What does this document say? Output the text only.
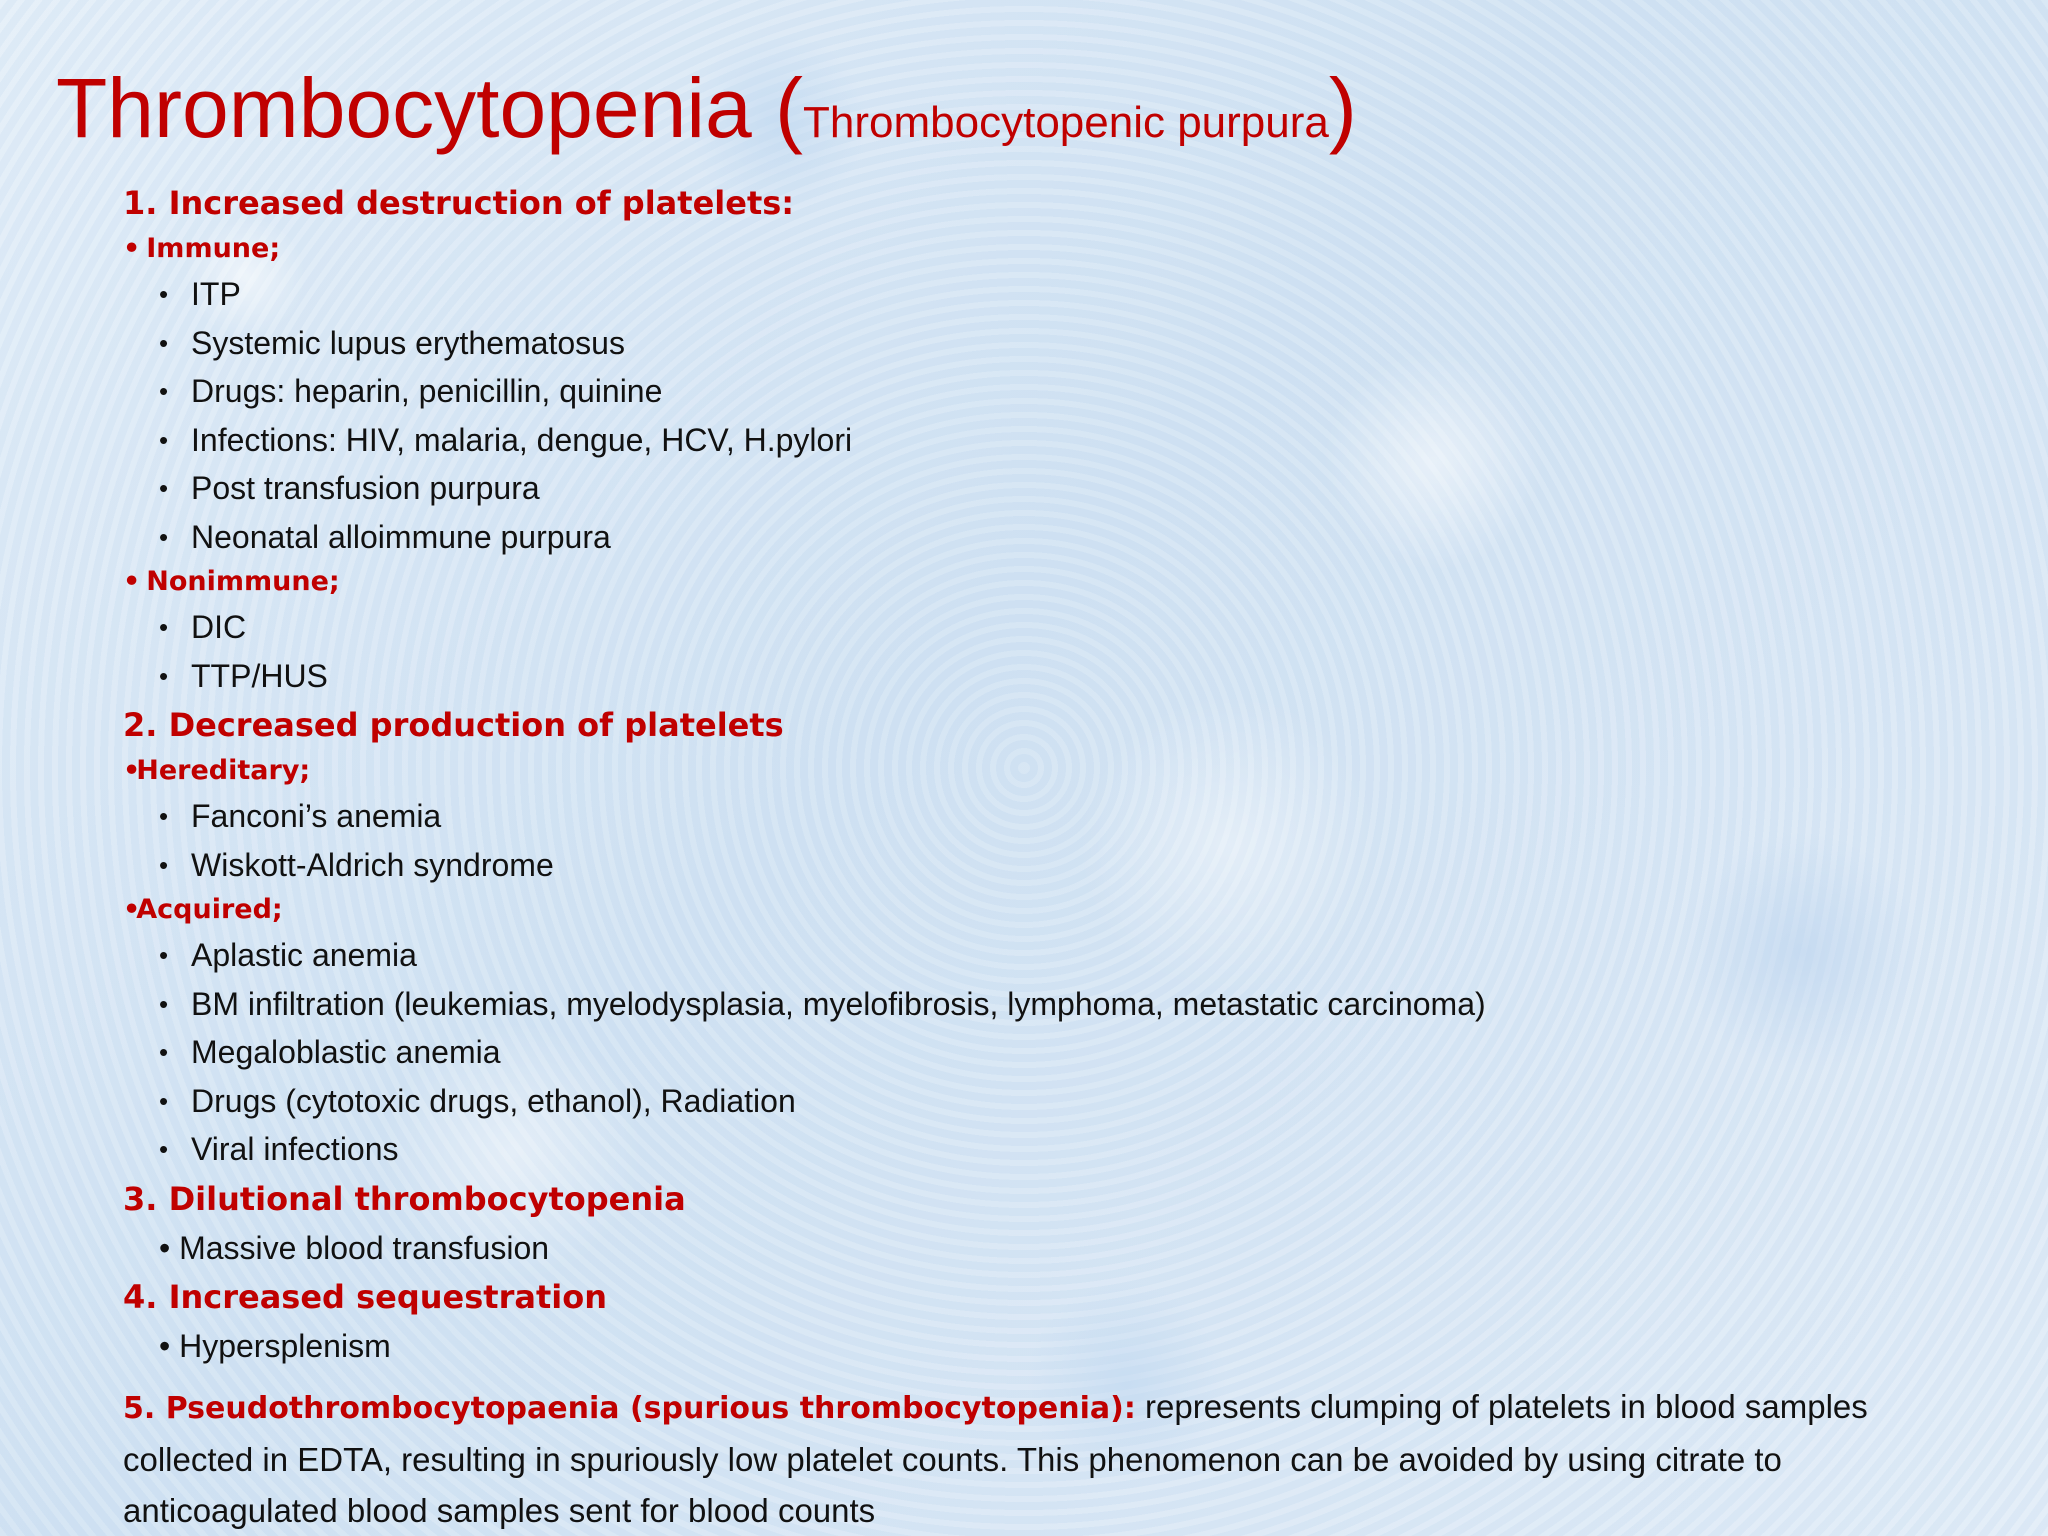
Thrombocytopenia (Thrombocytopenic purpura)
1. Increased destruction of platelets:
• Immune;
• ITP
• Systemic lupus erythematosus
• Drugs: heparin, penicillin, quinine
• Infections: HIV, malaria, dengue, HCV, H.pylori
• Post transfusion purpura
• Neonatal alloimmune purpura
• Nonimmune;
• DIC
• TTP/HUS
2. Decreased production of platelets
•Hereditary;
• Fanconi’s anemia
• Wiskott-Aldrich syndrome
•Acquired;
• Aplastic anemia
• BM infiltration (leukemias, myelodysplasia, myelofibrosis, lymphoma, metastatic carcinoma)
• Megaloblastic anemia
• Drugs (cytotoxic drugs, ethanol), Radiation
• Viral infections
3. Dilutional thrombocytopenia
• Massive blood transfusion
4. Increased sequestration
• Hypersplenism
5. Pseudothrombocytopaenia (spurious thrombocytopenia): represents clumping of platelets in blood samples collected in EDTA, resulting in spuriously low platelet counts. This phenomenon can be avoided by using citrate to anticoagulated blood samples sent for blood counts
